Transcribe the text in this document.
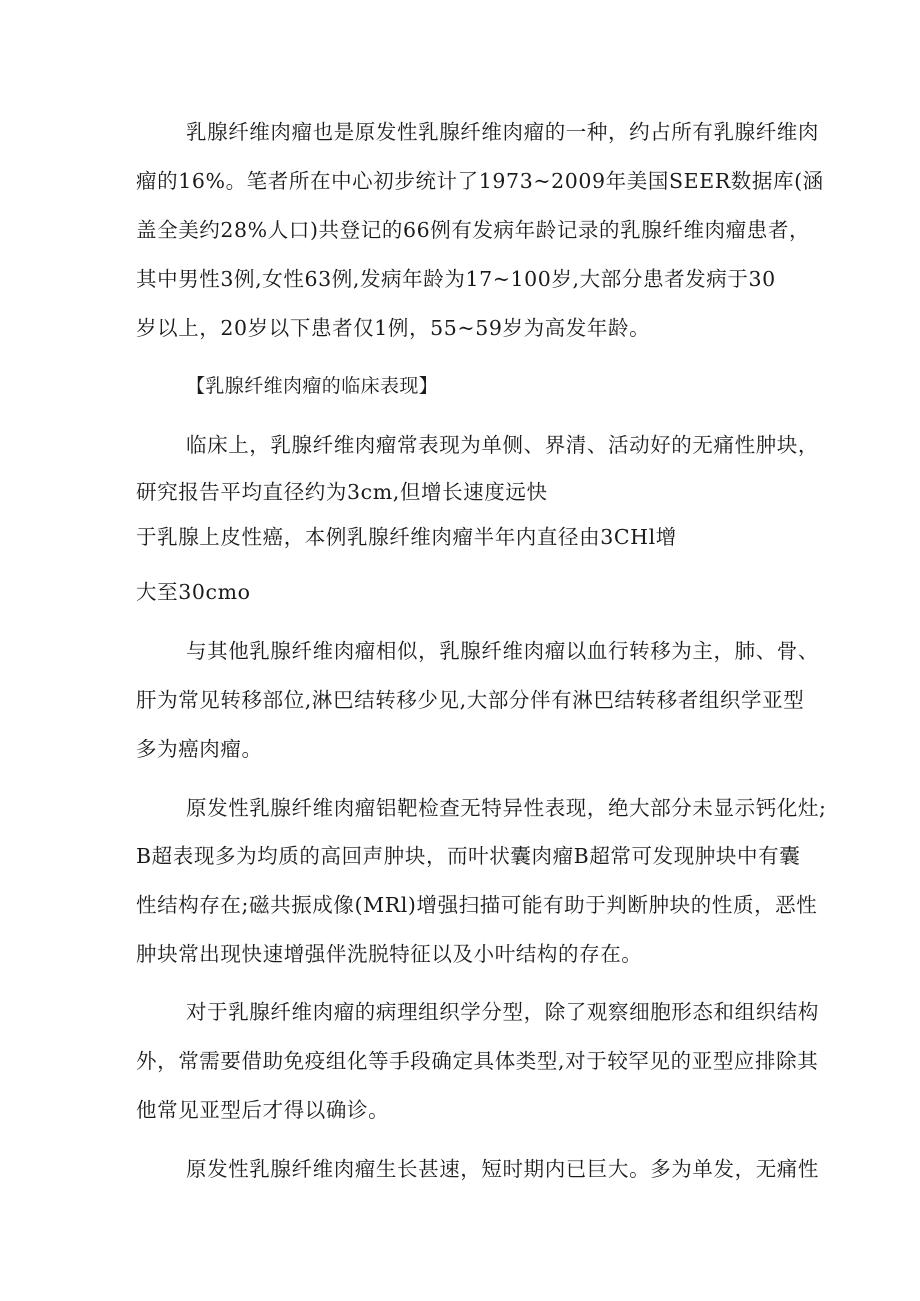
乳腺纤维肉瘤也是原发性乳腺纤维肉瘤的一种，约占所有乳腺纤维肉
瘤的16%。笔者所在中心初步统计了1973~2009年美国SEER数据库(涵
盖全美约28%人口)共登记的66例有发病年龄记录的乳腺纤维肉瘤患者，
其中男性3例,女性63例,发病年龄为17~100岁,大部分患者发病于30
岁以上，20岁以下患者仅1例，55~59岁为高发年龄。
【乳腺纤维肉瘤的临床表现】
临床上，乳腺纤维肉瘤常表现为单侧、界清、活动好的无痛性肿块，
研究报告平均直径约为3cm,但增长速度远快
于乳腺上皮性癌，本例乳腺纤维肉瘤半年内直径由3CHl增
大至30cmo
与其他乳腺纤维肉瘤相似，乳腺纤维肉瘤以血行转移为主，肺、骨、
肝为常见转移部位,淋巴结转移少见,大部分伴有淋巴结转移者组织学亚型
多为癌肉瘤。
原发性乳腺纤维肉瘤铝靶检查无特异性表现，绝大部分未显示钙化灶;
B超表现多为均质的高回声肿块，而叶状囊肉瘤B超常可发现肿块中有囊
性结构存在;磁共振成像(MRl)增强扫描可能有助于判断肿块的性质，恶性
肿块常出现快速增强伴洗脱特征以及小叶结构的存在。
对于乳腺纤维肉瘤的病理组织学分型，除了观察细胞形态和组织结构
外，常需要借助免疫组化等手段确定具体类型,对于较罕见的亚型应排除其
他常见亚型后才得以确诊。
原发性乳腺纤维肉瘤生长甚速，短时期内已巨大。多为单发，无痛性
